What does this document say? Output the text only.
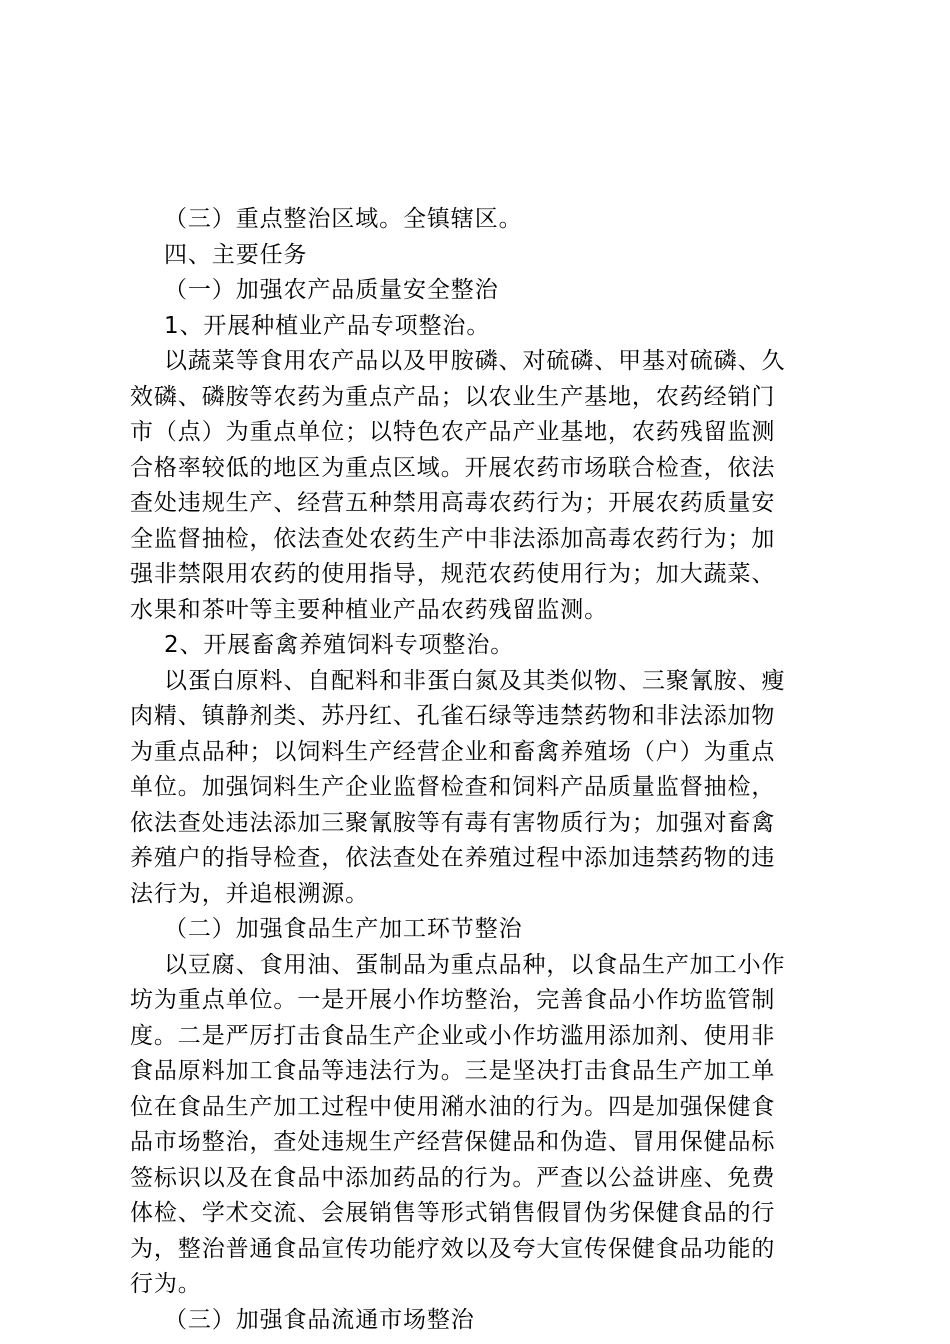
（三）重点整治区域。全镇辖区。
四、主要任务
（一）加强农产品质量安全整治
1、开展种植业产品专项整治。
以蔬菜等食用农产品以及甲胺磷、对硫磷、甲基对硫磷、久
效磷、磷胺等农药为重点产品；以农业生产基地，农药经销门
市（点）为重点单位；以特色农产品产业基地，农药残留监测
合格率较低的地区为重点区域。开展农药市场联合检查，依法
查处违规生产、经营五种禁用高毒农药行为；开展农药质量安
全监督抽检，依法查处农药生产中非法添加高毒农药行为；加
强非禁限用农药的使用指导，规范农药使用行为；加大蔬菜、
水果和茶叶等主要种植业产品农药残留监测。
2、开展畜禽养殖饲料专项整治。
以蛋白原料、自配料和非蛋白氮及其类似物、三聚氰胺、瘦
肉精、镇静剂类、苏丹红、孔雀石绿等违禁药物和非法添加物
为重点品种；以饲料生产经营企业和畜禽养殖场（户）为重点
单位。加强饲料生产企业监督检查和饲料产品质量监督抽检，
依法查处违法添加三聚氰胺等有毒有害物质行为；加强对畜禽
养殖户的指导检查，依法查处在养殖过程中添加违禁药物的违
法行为，并追根溯源。
（二）加强食品生产加工环节整治
以豆腐、食用油、蛋制品为重点品种，以食品生产加工小作
坊为重点单位。一是开展小作坊整治，完善食品小作坊监管制
度。二是严厉打击食品生产企业或小作坊滥用添加剂、使用非
食品原料加工食品等违法行为。三是坚决打击食品生产加工单
位在食品生产加工过程中使用潲水油的行为。四是加强保健食
品市场整治，查处违规生产经营保健品和伪造、冒用保健品标
签标识以及在食品中添加药品的行为。严查以公益讲座、免费
体检、学术交流、会展销售等形式销售假冒伪劣保健食品的行
为，整治普通食品宣传功能疗效以及夸大宣传保健食品功能的
行为。
（三）加强食品流通市场整治
